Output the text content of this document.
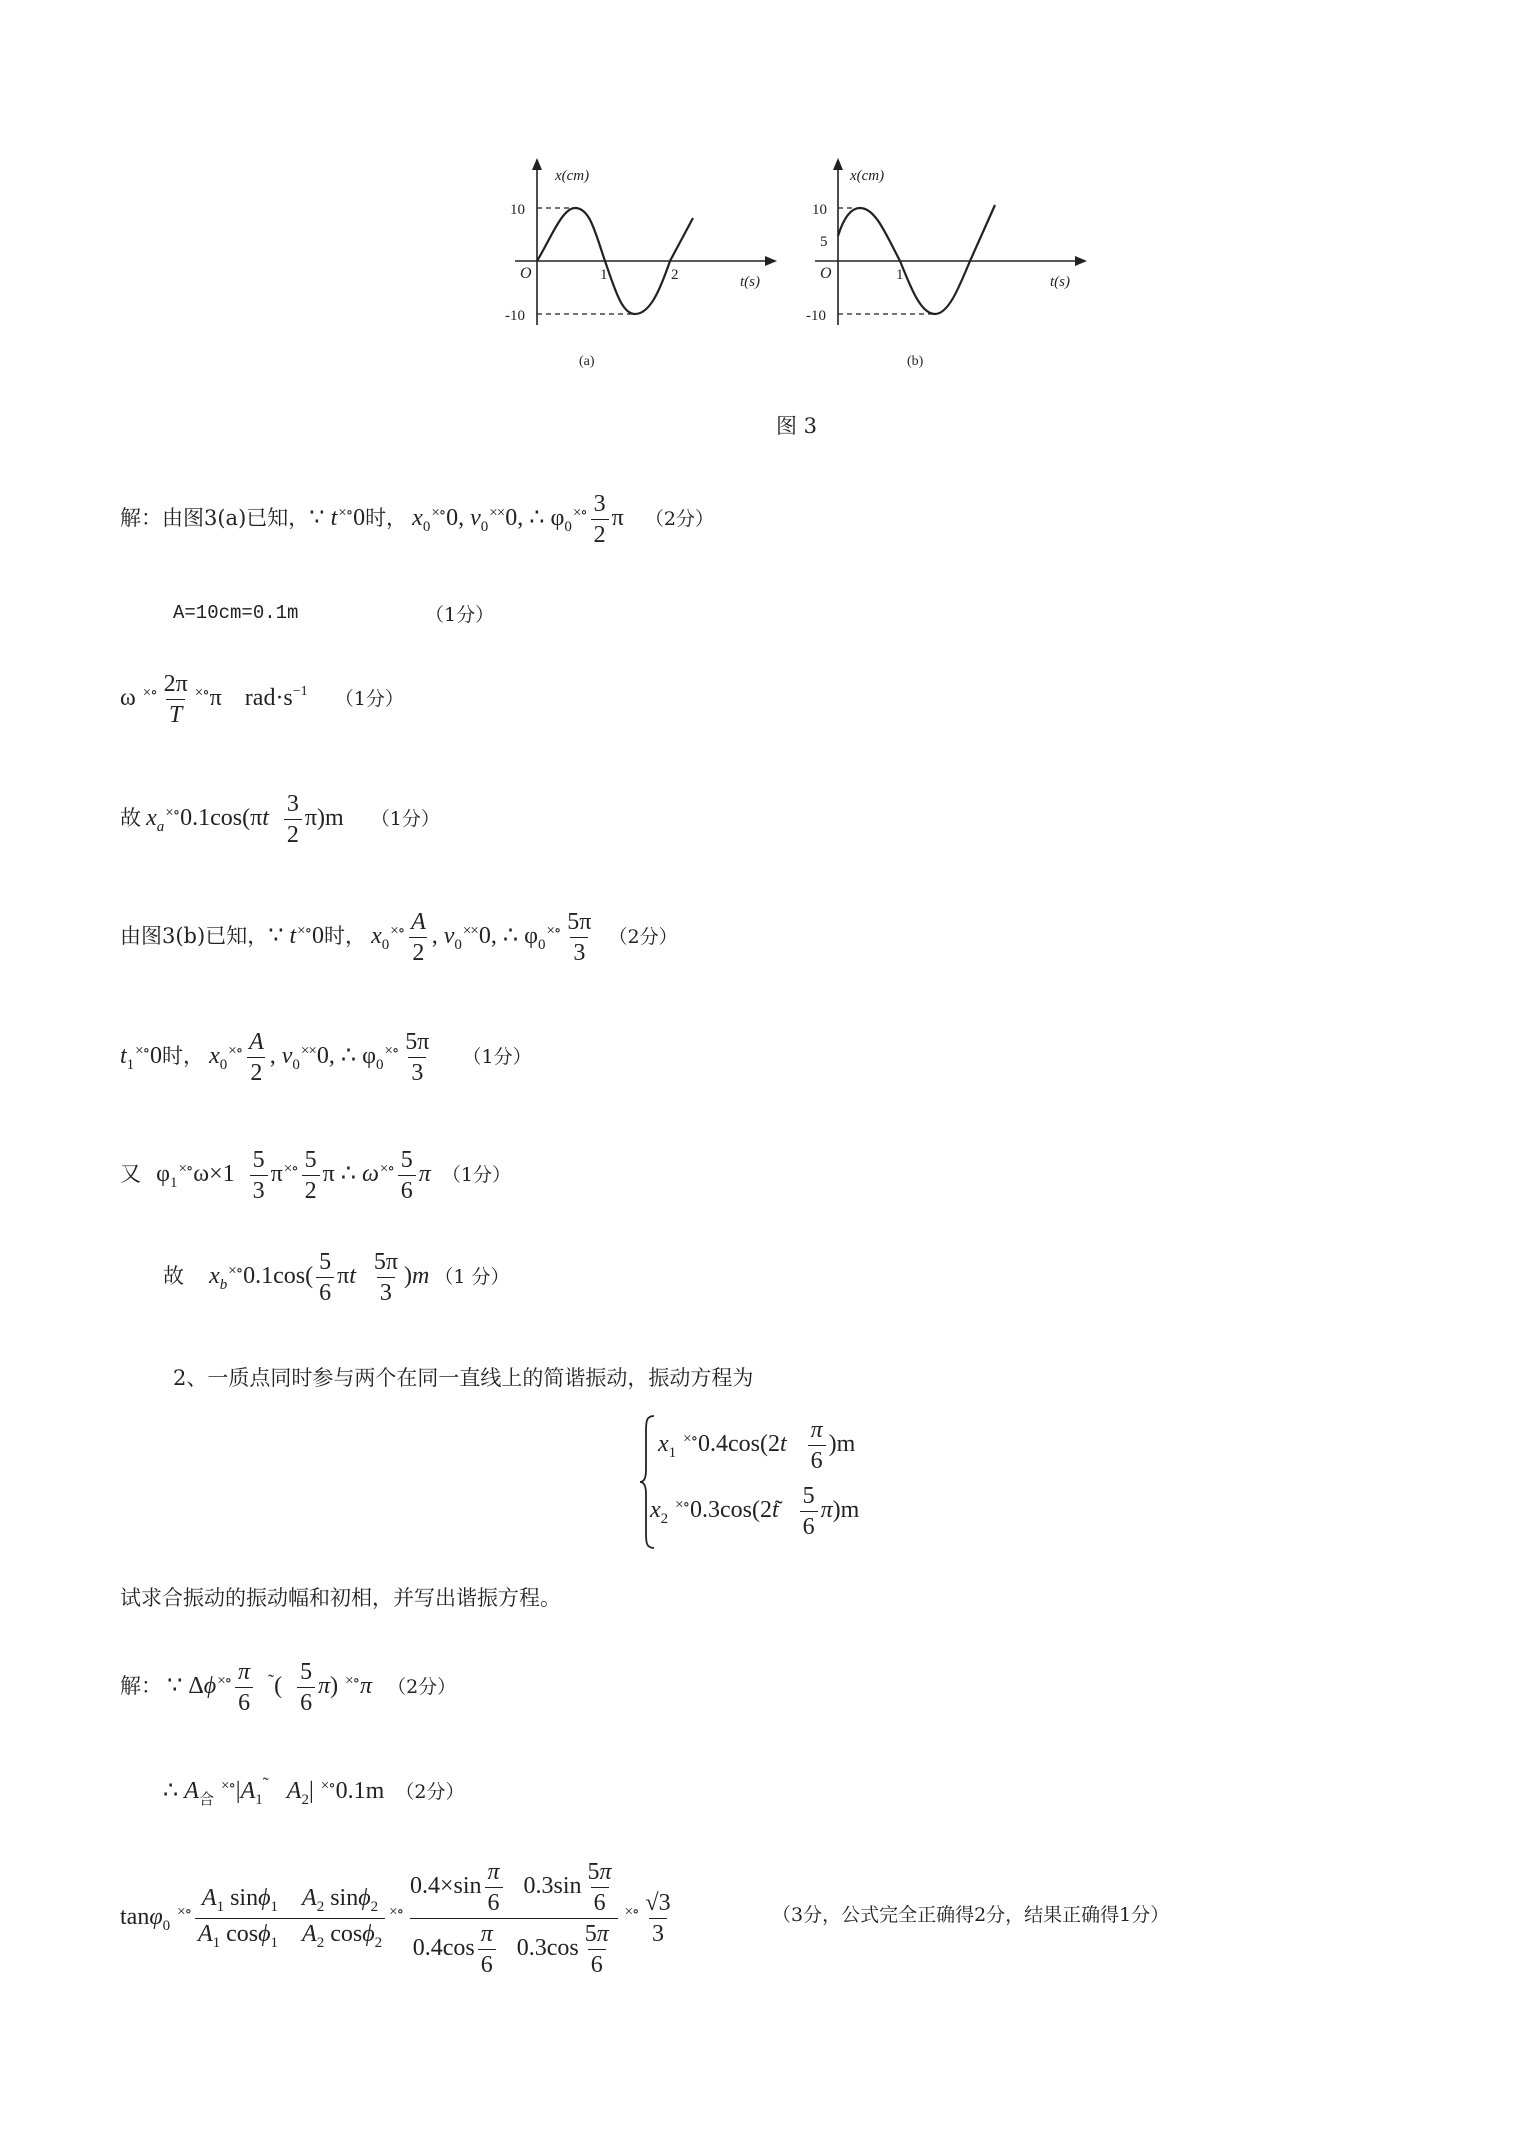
x(cm)
t(s)
O
10
-10
1	2
(a)
x(cm)
t(s)
O
10
5
-10
1
(b)
图 3
解：由图3(a)已知，∵ t×∘0时， $x_0^{\times\circ}0$, $v_0^{\times\times}0$, ∴ $\varphi_0^{\times\circ} \frac{3}{2}$ π （2分）
A=10cm=0.1m	（1分）
ω $^{\times\circ} \frac{2\pi}{T} ^{\times\circ}\pi$ $rad\cdot s^{-1}$ （1分）
故 $x_a^{\times\circ}0.1\cos(\pi t \frac{3}{2} \pi)m$ （1分）
由图3(b)已知，∵ t×∘0时， $x_0^{\times\circ} \frac{A}{2}$ , $v_0^{\times\times}0$, ∴ $\varphi_0^{\times\circ} \frac{5\pi}{3} (2$分）
$t_1^{\times\circ}0$时， $x_0^{\times\circ} \frac{A}{2}$ , $v_0^{\times\times}0$, ∴ $\varphi_0^{\times\circ} \frac{5\pi}{3} (1$分）
又 $\varphi_1^{\times\circ}\omega\times 1 \frac{5}{3} \pi^{\times\circ} \frac{5}{2}$ π ∴ $\omega^{\times\circ} \frac{5}{6}$ π （1分）
故 $x_b^{\times\circ}0.1\cos( \frac{5}{6}$ πt $\frac{5\pi}{3} )m$ （1 分）
2、一质点同时参与两个在同一直线上的简谐振动，振动方程为
$x_1$ $^{\times\circ}0.4\cos(2t \frac{\pi}{6} )m$
$x_2$ ×∘0.3cos(2t͂ $\frac{5}{6} \pi)m$
试求合振动的振动幅和初相，并写出谐振方程。
解： ∵ $\Delta\phi^{\times\circ} \frac{\pi}{6} ^˜( \frac{5}{6} \pi)$ ×∘π （2分）
∴ $A_合$ $^{\times\circ}|A_1^˜$ $A_2|$ ×∘0.1m （2分）
tanφ$_0$ $^{\times\circ} \frac{A_1 \sin\phi_1 A_2 \sin\phi_2}{A_1 \cos\phi_1 A_2 \cos\phi_2} ^{\times\circ} \frac{0.4\times\sin \frac{\pi}{6} 0.3\sin \frac{5\pi}{6}}{0.4\cos \frac{\pi}{6} 0.3\cos \frac{5\pi}{6}} ^{\times\circ} \frac{√3}{3}$	（3分，公式完全正确得2分，结果正确得1分）
